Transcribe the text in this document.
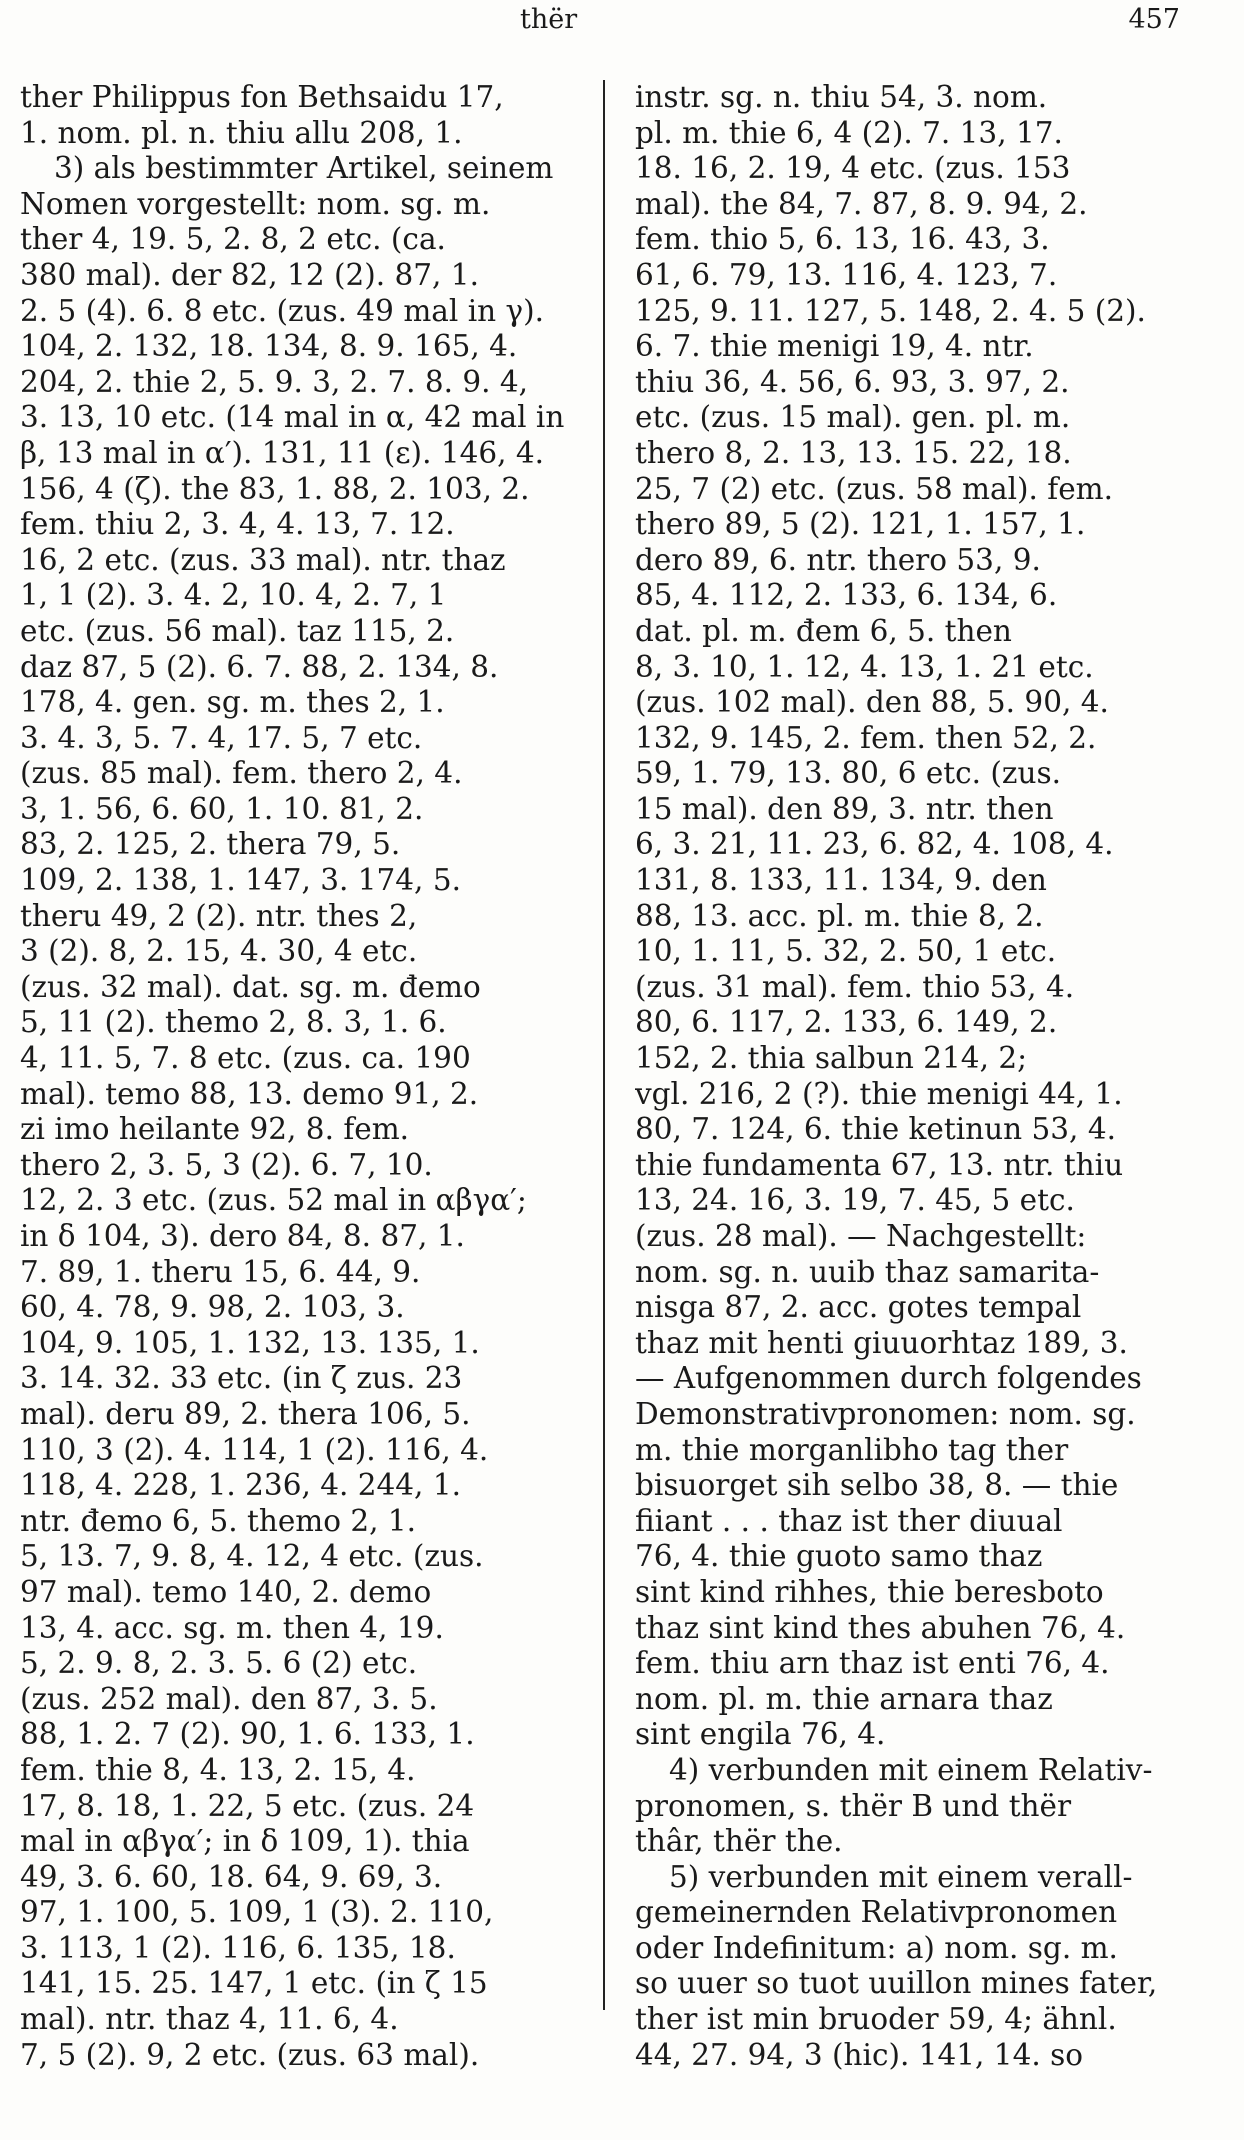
thër	457
ther Philippus fon Bethsaidu 17,
1. nom. pl. n. thiu allu 208, 1.
3) als bestimmter Artikel, seinem
Nomen vorgestellt: nom. sg. m.
ther 4, 19. 5, 2. 8, 2 etc. (ca.
380 mal). der 82, 12 (2). 87, 1.
2. 5 (4). 6. 8 etc. (zus. 49 mal in γ).
104, 2. 132, 18. 134, 8. 9. 165, 4.
204, 2. thie 2, 5. 9. 3, 2. 7. 8. 9. 4,
3. 13, 10 etc. (14 mal in α, 42 mal in
β, 13 mal in α′). 131, 11 (ε). 146, 4.
156, 4 (ζ). the 83, 1. 88, 2. 103, 2.
fem. thiu 2, 3. 4, 4. 13, 7. 12.
16, 2 etc. (zus. 33 mal). ntr. thaz
1, 1 (2). 3. 4. 2, 10. 4, 2. 7, 1
etc. (zus. 56 mal). taz 115, 2.
daz 87, 5 (2). 6. 7. 88, 2. 134, 8.
178, 4. gen. sg. m. thes 2, 1.
3. 4. 3, 5. 7. 4, 17. 5, 7 etc.
(zus. 85 mal). fem. thero 2, 4.
3, 1. 56, 6. 60, 1. 10. 81, 2.
83, 2. 125, 2. thera 79, 5.
109, 2. 138, 1. 147, 3. 174, 5.
theru 49, 2 (2). ntr. thes 2,
3 (2). 8, 2. 15, 4. 30, 4 etc.
(zus. 32 mal). dat. sg. m. đemo
5, 11 (2). themo 2, 8. 3, 1. 6.
4, 11. 5, 7. 8 etc. (zus. ca. 190
mal). temo 88, 13. demo 91, 2.
zi imo heilante 92, 8. fem.
thero 2, 3. 5, 3 (2). 6. 7, 10.
12, 2. 3 etc. (zus. 52 mal in αβγα′;
in δ 104, 3). dero 84, 8. 87, 1.
7. 89, 1. theru 15, 6. 44, 9.
60, 4. 78, 9. 98, 2. 103, 3.
104, 9. 105, 1. 132, 13. 135, 1.
3. 14. 32. 33 etc. (in ζ zus. 23
mal). deru 89, 2. thera 106, 5.
110, 3 (2). 4. 114, 1 (2). 116, 4.
118, 4. 228, 1. 236, 4. 244, 1.
ntr. đemo 6, 5. themo 2, 1.
5, 13. 7, 9. 8, 4. 12, 4 etc. (zus.
97 mal). temo 140, 2. demo
13, 4. acc. sg. m. then 4, 19.
5, 2. 9. 8, 2. 3. 5. 6 (2) etc.
(zus. 252 mal). den 87, 3. 5.
88, 1. 2. 7 (2). 90, 1. 6. 133, 1.
fem. thie 8, 4. 13, 2. 15, 4.
17, 8. 18, 1. 22, 5 etc. (zus. 24
mal in αβγα′; in δ 109, 1). thia
49, 3. 6. 60, 18. 64, 9. 69, 3.
97, 1. 100, 5. 109, 1 (3). 2. 110,
3. 113, 1 (2). 116, 6. 135, 18.
141, 15. 25. 147, 1 etc. (in ζ 15
mal). ntr. thaz 4, 11. 6, 4.
7, 5 (2). 9, 2 etc. (zus. 63 mal).
instr. sg. n. thiu 54, 3. nom.
pl. m. thie 6, 4 (2). 7. 13, 17.
18. 16, 2. 19, 4 etc. (zus. 153
mal). the 84, 7. 87, 8. 9. 94, 2.
fem. thio 5, 6. 13, 16. 43, 3.
61, 6. 79, 13. 116, 4. 123, 7.
125, 9. 11. 127, 5. 148, 2. 4. 5 (2).
6. 7. thie menigi 19, 4. ntr.
thiu 36, 4. 56, 6. 93, 3. 97, 2.
etc. (zus. 15 mal). gen. pl. m.
thero 8, 2. 13, 13. 15. 22, 18.
25, 7 (2) etc. (zus. 58 mal). fem.
thero 89, 5 (2). 121, 1. 157, 1.
dero 89, 6. ntr. thero 53, 9.
85, 4. 112, 2. 133, 6. 134, 6.
dat. pl. m. đem 6, 5. then
8, 3. 10, 1. 12, 4. 13, 1. 21 etc.
(zus. 102 mal). den 88, 5. 90, 4.
132, 9. 145, 2. fem. then 52, 2.
59, 1. 79, 13. 80, 6 etc. (zus.
15 mal). den 89, 3. ntr. then
6, 3. 21, 11. 23, 6. 82, 4. 108, 4.
131, 8. 133, 11. 134, 9. den
88, 13. acc. pl. m. thie 8, 2.
10, 1. 11, 5. 32, 2. 50, 1 etc.
(zus. 31 mal). fem. thio 53, 4.
80, 6. 117, 2. 133, 6. 149, 2.
152, 2. thia salbun 214, 2;
vgl. 216, 2 (?). thie menigi 44, 1.
80, 7. 124, 6. thie ketinun 53, 4.
thie fundamenta 67, 13. ntr. thiu
13, 24. 16, 3. 19, 7. 45, 5 etc.
(zus. 28 mal). — Nachgestellt:
nom. sg. n. uuib thaz samarita-
nisga 87, 2. acc. gotes tempal
thaz mit henti giuuorhtaz 189, 3.
— Aufgenommen durch folgendes
Demonstrativpronomen: nom. sg.
m. thie morganlibho tag ther
bisuorget sih selbo 38, 8. — thie
fiiant . . . thaz ist ther diuual
76, 4. thie guoto samo thaz
sint kind rihhes, thie beresboto
thaz sint kind thes abuhen 76, 4.
fem. thiu arn thaz ist enti 76, 4.
nom. pl. m. thie arnara thaz
sint engila 76, 4.
4) verbunden mit einem Relativ-
pronomen, s. thër B und thër
thâr, thër the.
5) verbunden mit einem verall-
gemeinernden Relativpronomen
oder Indefinitum: a) nom. sg. m.
so uuer so tuot uuillon mines fater,
ther ist min bruoder 59, 4; ähnl.
44, 27. 94, 3 (hic). 141, 14. so
